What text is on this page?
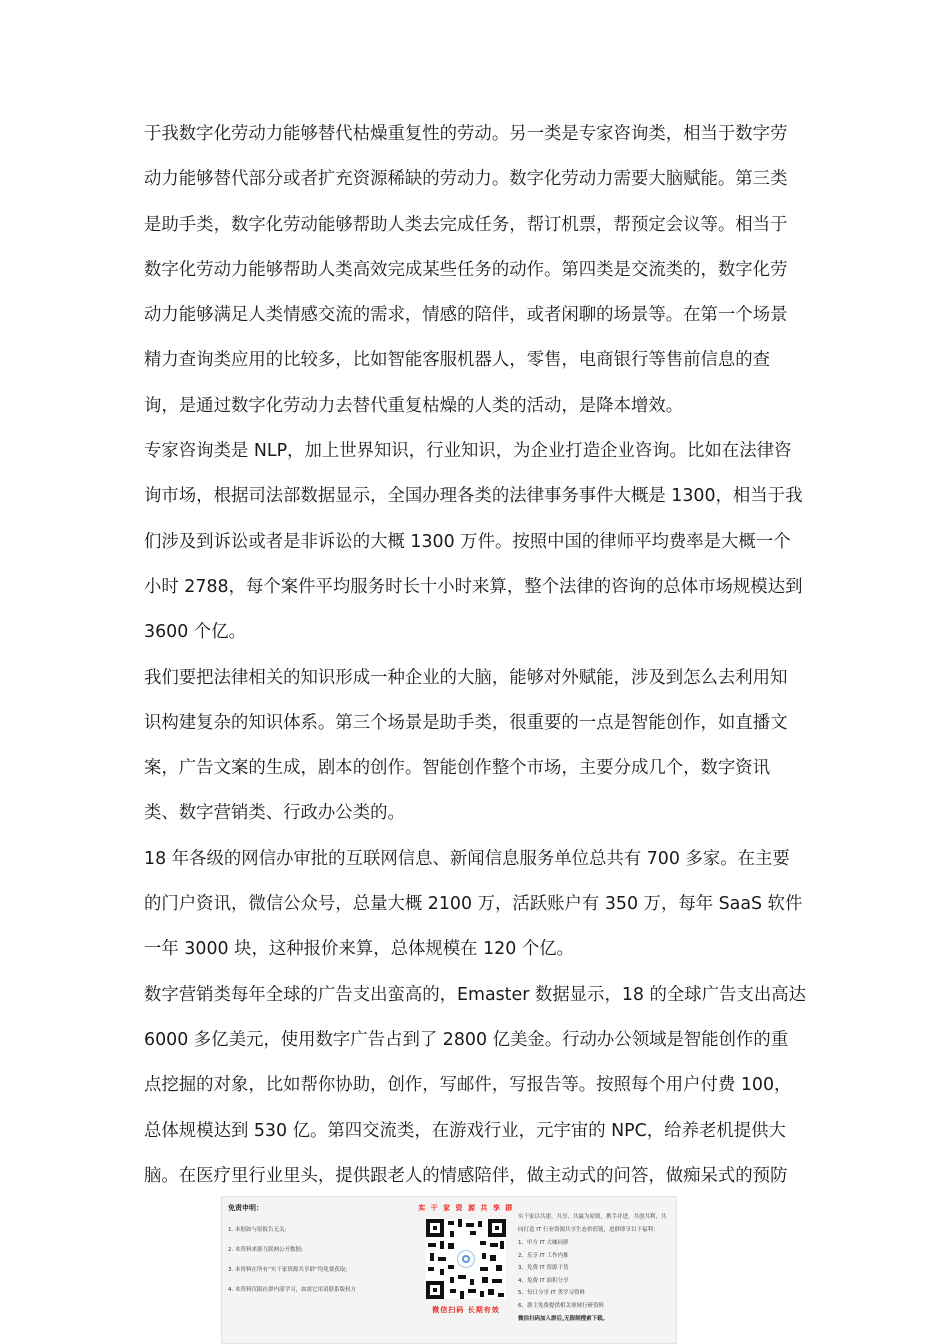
于我数字化劳动力能够替代枯燥重复性的劳动。另一类是专家咨询类，相当于数字劳
动力能够替代部分或者扩充资源稀缺的劳动力。数字化劳动力需要大脑赋能。第三类
是助手类，数字化劳动能够帮助人类去完成任务，帮订机票，帮预定会议等。相当于
数字化劳动力能够帮助人类高效完成某些任务的动作。第四类是交流类的，数字化劳
动力能够满足人类情感交流的需求，情感的陪伴，或者闲聊的场景等。在第一个场景
精力查询类应用的比较多，比如智能客服机器人，零售，电商银行等售前信息的查
询，是通过数字化劳动力去替代重复枯燥的人类的活动，是降本增效。
专家咨询类是 NLP，加上世界知识，行业知识，为企业打造企业咨询。比如在法律咨
询市场，根据司法部数据显示，全国办理各类的法律事务事件大概是 1300，相当于我
们涉及到诉讼或者是非诉讼的大概 1300 万件。按照中国的律师平均费率是大概一个
小时 2788，每个案件平均服务时长十小时来算，整个法律的咨询的总体市场规模达到
3600 个亿。
我们要把法律相关的知识形成一种企业的大脑，能够对外赋能，涉及到怎么去利用知
识构建复杂的知识体系。第三个场景是助手类，很重要的一点是智能创作，如直播文
案，广告文案的生成，剧本的创作。智能创作整个市场，主要分成几个，数字资讯
类、数字营销类、行政办公类的。
18 年各级的网信办审批的互联网信息、新闻信息服务单位总共有 700 多家。在主要
的门户资讯，微信公众号，总量大概 2100 万，活跃账户有 350 万，每年 SaaS 软件
一年 3000 块，这种报价来算，总体规模在 120 个亿。
数字营销类每年全球的广告支出蛮高的，Emaster 数据显示，18 的全球广告支出高达
6000 多亿美元，使用数字广告占到了 2800 亿美金。行动办公领域是智能创作的重
点挖掘的对象，比如帮你协助，创作，写邮件，写报告等。按照每个用户付费 100，
总体规模达到 530 亿。第四交流类，在游戏行业，元宇宙的 NPC，给养老机提供大
脑。在医疗里行业里头，提供跟老人的情感陪伴，做主动式的问答，做痴呆式的预防
免责申明：
1. 本据如与原报告无关;
2. 本资料来源互联网公开数据;
3. 本资料在所有“实干家资源共享群”均免费获取;
4. 本资料仅限社群内部学习，如需它用请联系版权方
实 干 家 资 源 共 享 群
微信扫码 长期有效
实干家以共建、共享、共赢为原则，携手并进，共创共利，共
同打造 IT 行业资源共享生态价值链，进群即享以下福利：
1、甲方 IT 大咖同群
2、乐享 IT 工作内推
3、免费 IT 资源干货
4、免费 IT 面积分享
5、每日分享 IT 类学习资料
6、群主免费提供相关领域行研资料
微信扫码加入群后,无限制搜索下载。
